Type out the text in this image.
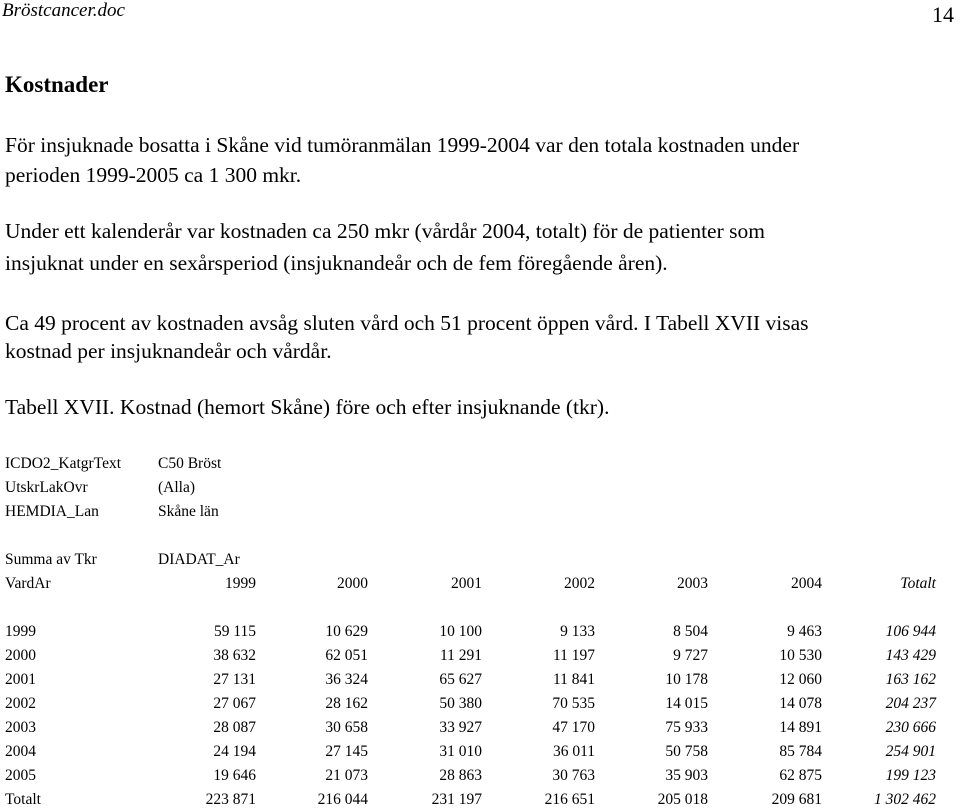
Bröstcancer.doc	14
Kostnader
För insjuknade bosatta i Skåne vid tumöranmälan 1999-2004 var den totala kostnaden under
perioden 1999-2005 ca 1 300 mkr.
Under ett kalenderår var kostnaden ca 250 mkr (vårdår 2004, totalt) för de patienter som
insjuknat under en sexårsperiod (insjuknandeår och de fem föregående åren).
Ca 49 procent av kostnaden avsåg sluten vård och 51 procent öppen vård. I Tabell XVII visas
kostnad per insjuknandeår och vårdår.
Tabell XVII. Kostnad (hemort Skåne) före och efter insjuknande (tkr).
ICDO2_KatgrText C50 Bröst
UtskrLakOvr	(Alla)
HEMDIA_Lan	Skåne län
Summa av Tkr	DIADAT_Ar
VardAr	1999	2000	2001	2002	2003	2004	Totalt
1999	59 115	10 629	10 100	9 133	8 504	9 463	106 944
2000	38 632	62 051	11 291	11 197	9 727	10 530	143 429
2001	27 131	36 324	65 627	11 841	10 178	12 060	163 162
2002	27 067	28 162	50 380	70 535	14 015	14 078	204 237
2003	28 087	30 658	33 927	47 170	75 933	14 891	230 666
2004	24 194	27 145	31 010	36 011	50 758	85 784	254 901
2005	19 646	21 073	28 863	30 763	35 903	62 875	199 123
Totalt	223 871	216 044	231 197	216 651	205 018	209 681	1 302 462
